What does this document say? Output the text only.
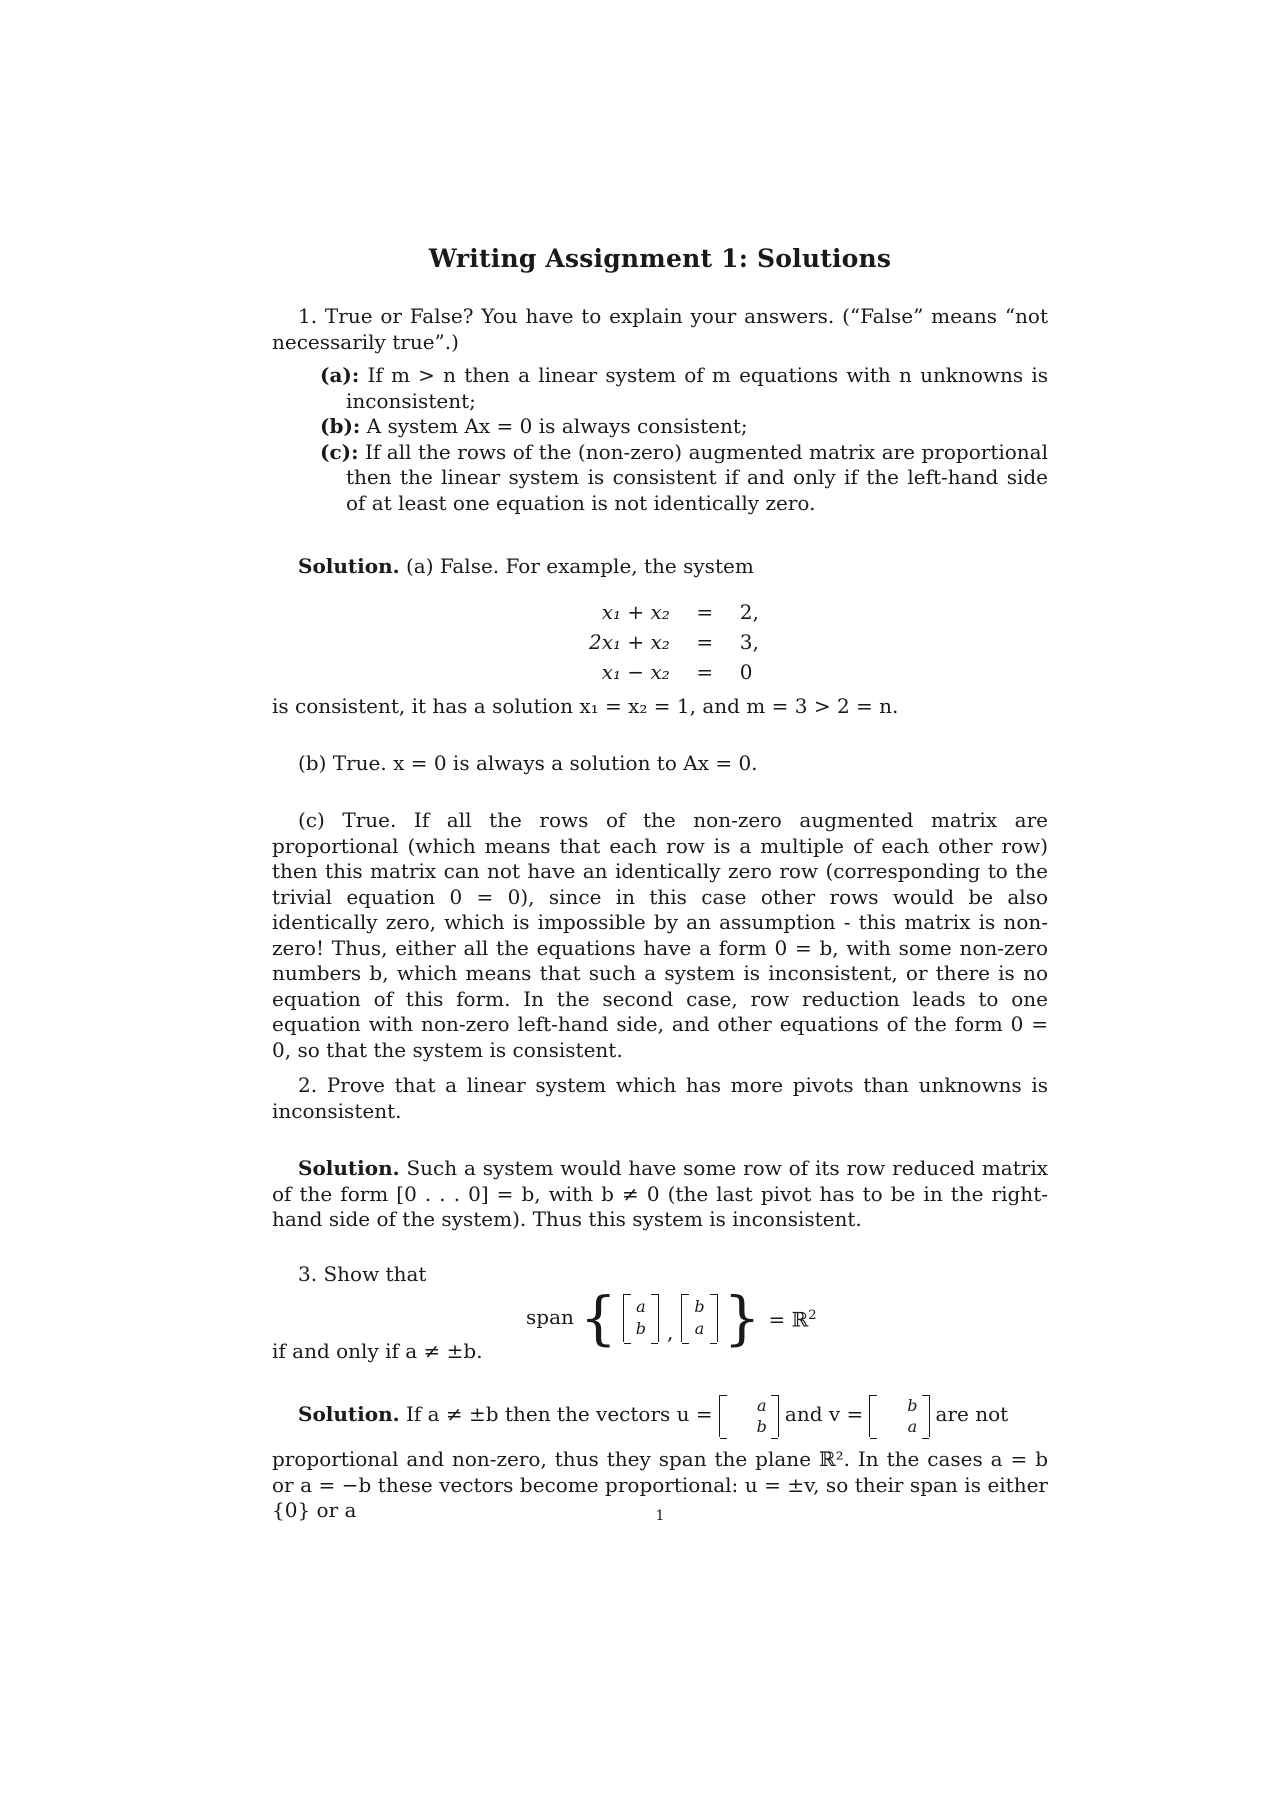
Writing Assignment 1: Solutions
1. True or False? You have to explain your answers. (“False” means “not necessarily true”.)

(a): If m > n then a linear system of m equations with n unknowns is inconsistent;

(b): A system Ax = 0 is always consistent;

(c): If all the rows of the (non-zero) augmented matrix are proportional then the linear system is consistent if and only if the left-hand side of at least one equation is not identically zero.

Solution. (a) False. For example, the system
x₁ + x₂	=	2,
2x₁ + x₂	=	3,
x₁ − x₂	=	0
is consistent, it has a solution x₁ = x₂ = 1, and m = 3 > 2 = n.
(b) True. x = 0 is always a solution to Ax = 0.
(c) True. If all the rows of the non-zero augmented matrix are proportional (which means that each row is a multiple of each other row) then this matrix can not have an identically zero row (corresponding to the trivial equation 0 = 0), since in this case other rows would be also identically zero, which is impossible by an assumption - this matrix is non-zero! Thus, either all the equations have a form 0 = b, with some non-zero numbers b, which means that such a system is inconsistent, or there is no equation of this form. In the second case, row reduction leads to one equation with non-zero left-hand side, and other equations of the form 0 = 0, so that the system is consistent.
2. Prove that a linear system which has more pivots than unknowns is inconsistent.
Solution. Such a system would have some row of its row reduced matrix of the form [0 . . . 0] = b, with b ≠ 0 (the last pivot has to be in the right-hand side of the system). Thus this system is inconsistent.
3. Show that
span { a
b ,
b
a } = ℝ$^2$
if and only if a ≠ ±b.
Solution. If a ≠ ±b then the vectors u =	a
b and v =	b
a are not
proportional and non-zero, thus they span the plane ℝ². In the cases a = b or a = −b these vectors become proportional: u = ±v, so their span is either {0} or a	1
